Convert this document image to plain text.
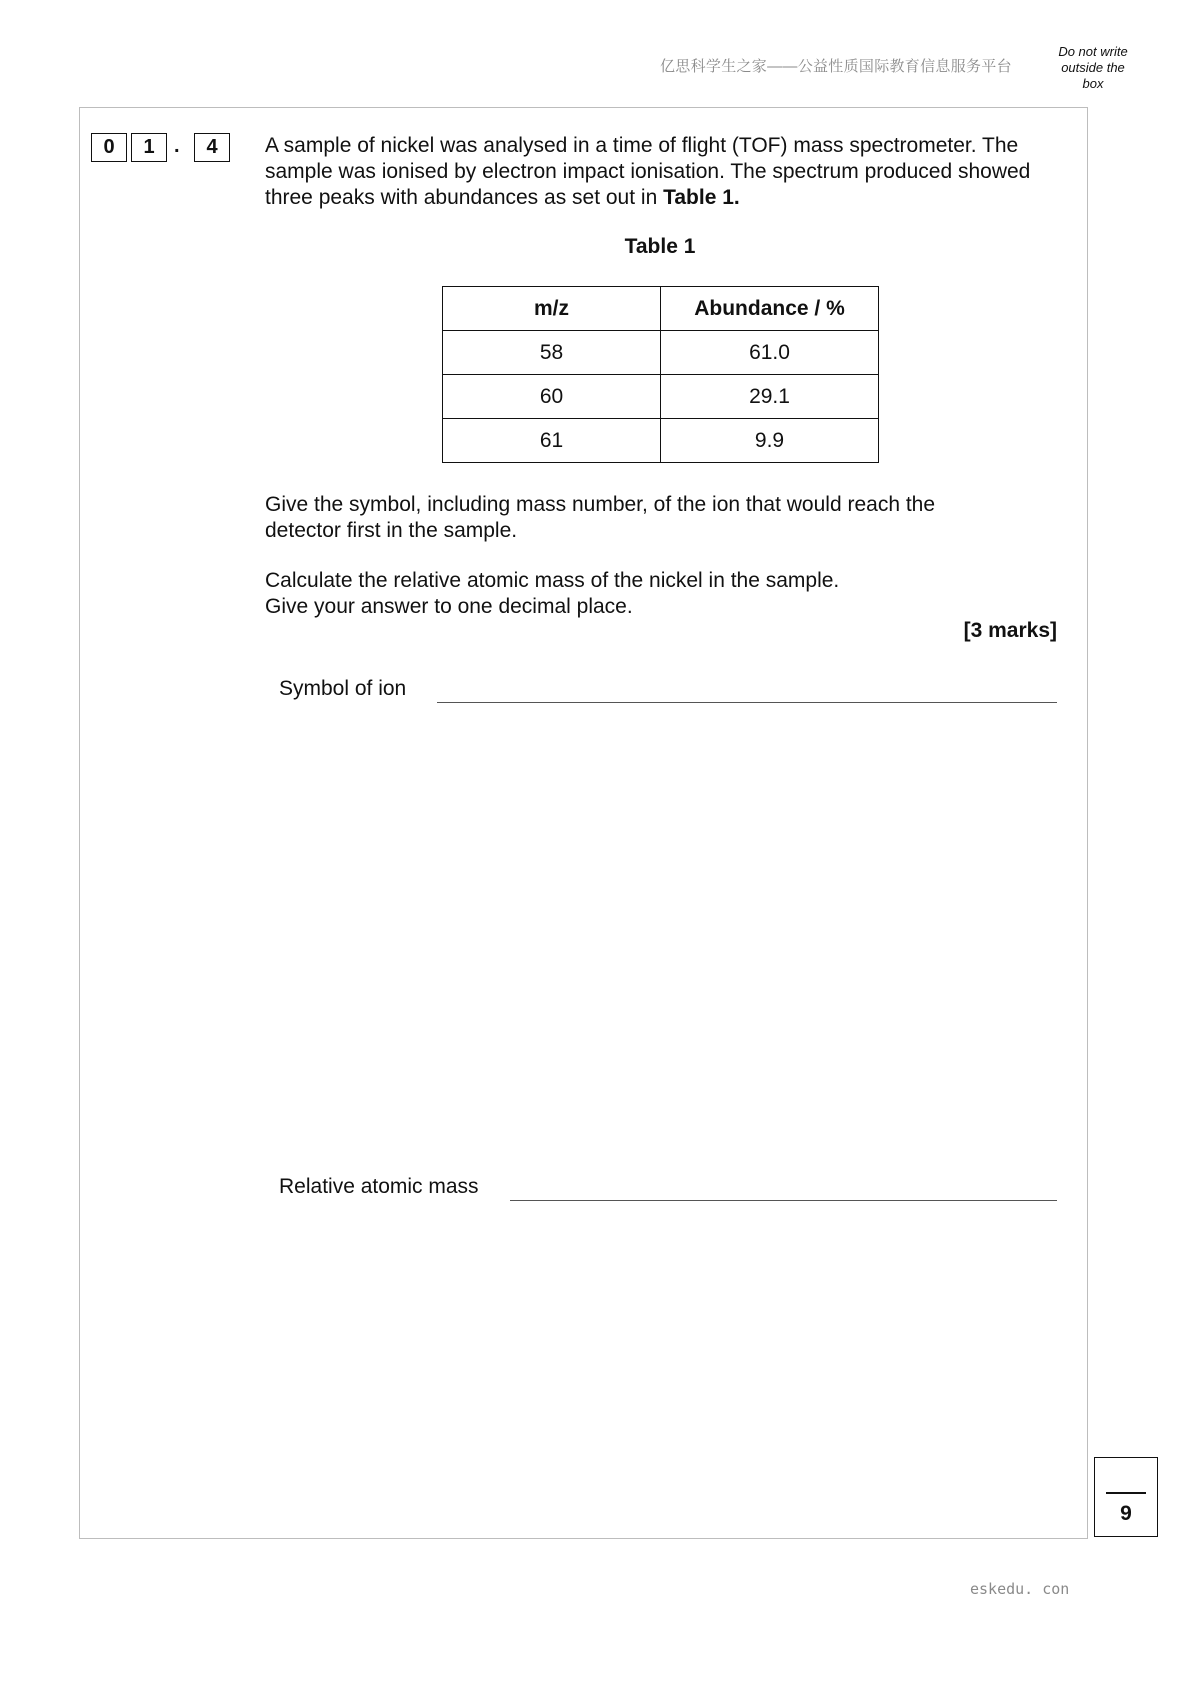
亿思科学生之家——公益性质国际教育信息服务平台
Do not write outside the box
0	1 .	4	A sample of nickel was analysed in a time of flight (TOF) mass spectrometer. The sample was ionised by electron impact ionisation. The spectrum produced showed three peaks with abundances as set out in Table 1.

Table 1
m/z	Abundance / %
58	61.0
60	29.1
61	9.9

Give the symbol, including mass number, of the ion that would reach the detector first in the sample.

Calculate the relative atomic mass of the nickel in the sample.

Give your answer to one decimal place.

[3 marks]
Symbol of ion
Relative atomic mass
9
eskedu. con
